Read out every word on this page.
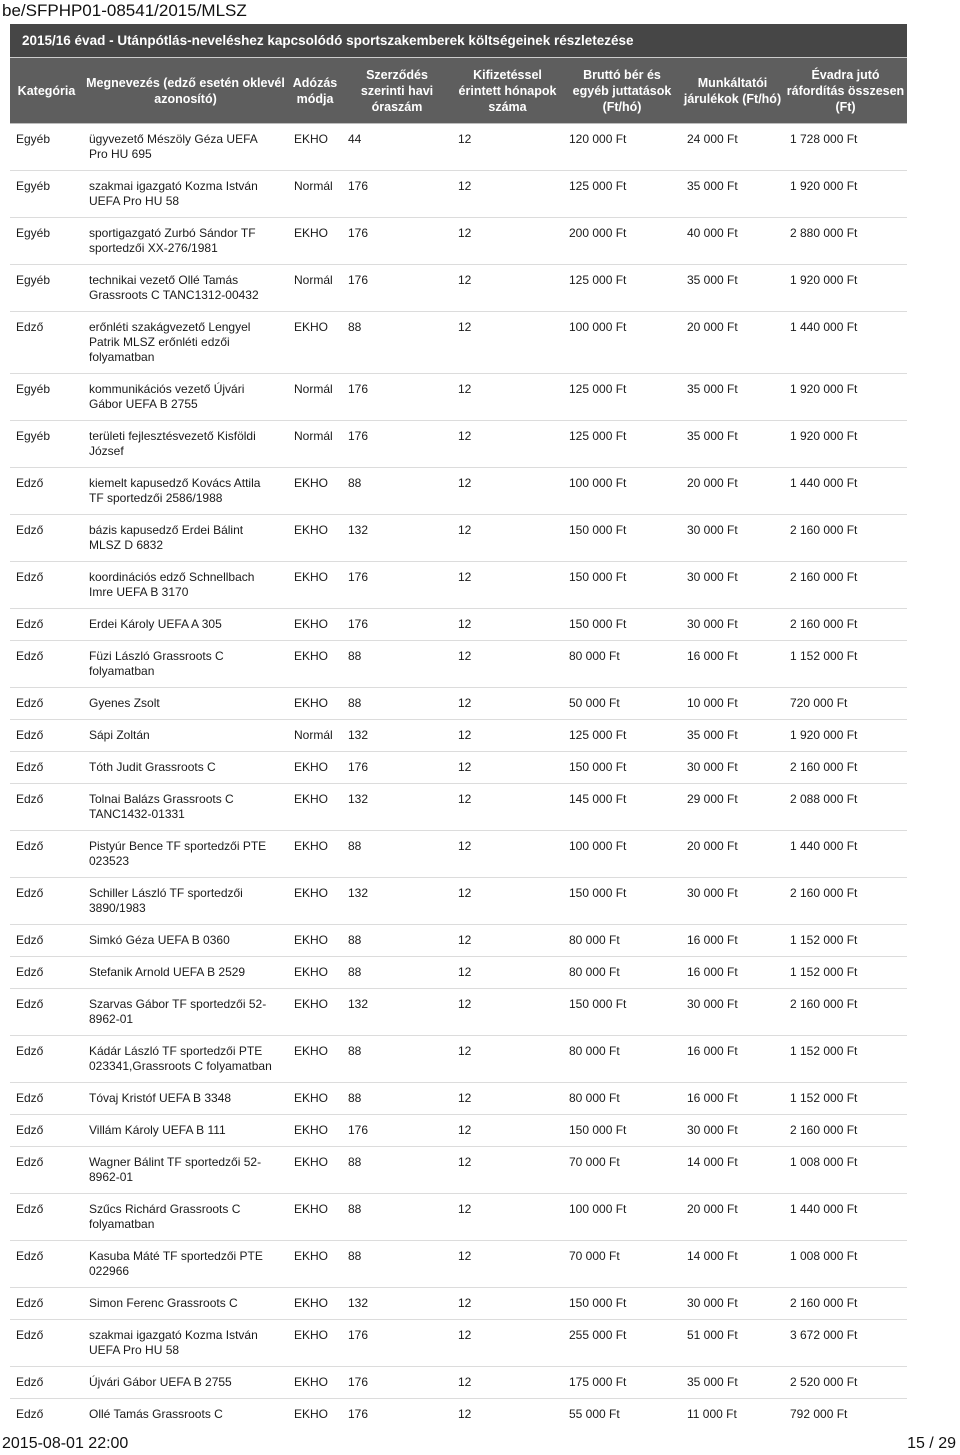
be/SFPHP01-08541/2015/MLSZ
2015/16 évad - Utánpótlás-neveléshez kapcsolódó sportszakemberek költségeinek részletezése
Kategória	Megnevezés (edző esetén oklevél azonosító)	Adózás módja	Szerződés szerinti havi óraszám	Kifizetéssel érintett hónapok száma	Bruttó bér és egyéb juttatások (Ft/hó)	Munkáltatói járulékok (Ft/hó)	Évadra jutó ráfordítás összesen (Ft)
Egyéb	ügyvezető Mészöly Géza UEFA Pro HU 695	EKHO	44	12	120 000 Ft	24 000 Ft	1 728 000 Ft
Egyéb	szakmai igazgató Kozma István UEFA Pro HU 58	Normál	176	12	125 000 Ft	35 000 Ft	1 920 000 Ft
Egyéb	sportigazgató Zurbó Sándor TF sportedzői XX-276/1981	EKHO	176	12	200 000 Ft	40 000 Ft	2 880 000 Ft
Egyéb	technikai vezető Ollé Tamás Grassroots C TANC1312-00432	Normál	176	12	125 000 Ft	35 000 Ft	1 920 000 Ft
Edző	erőnléti szakágvezető Lengyel Patrik MLSZ erőnléti edzői folyamatban	EKHO	88	12	100 000 Ft	20 000 Ft	1 440 000 Ft
Egyéb	kommunikációs vezető Újvári Gábor UEFA B 2755	Normál	176	12	125 000 Ft	35 000 Ft	1 920 000 Ft
Egyéb	területi fejlesztésvezető Kisföldi József	Normál	176	12	125 000 Ft	35 000 Ft	1 920 000 Ft
Edző	kiemelt kapusedző Kovács Attila TF sportedzői 2586/1988	EKHO	88	12	100 000 Ft	20 000 Ft	1 440 000 Ft
Edző	bázis kapusedző Erdei Bálint MLSZ D 6832	EKHO	132	12	150 000 Ft	30 000 Ft	2 160 000 Ft
Edző	koordinációs edző Schnellbach Imre UEFA B 3170	EKHO	176	12	150 000 Ft	30 000 Ft	2 160 000 Ft
Edző	Erdei Károly UEFA A 305	EKHO	176	12	150 000 Ft	30 000 Ft	2 160 000 Ft
Edző	Füzi László Grassroots C folyamatban	EKHO	88	12	80 000 Ft	16 000 Ft	1 152 000 Ft
Edző	Gyenes Zsolt	EKHO	88	12	50 000 Ft	10 000 Ft	720 000 Ft
Edző	Sápi Zoltán	Normál	132	12	125 000 Ft	35 000 Ft	1 920 000 Ft
Edző	Tóth Judit Grassroots C	EKHO	176	12	150 000 Ft	30 000 Ft	2 160 000 Ft
Edző	Tolnai Balázs Grassroots C TANC1432-01331	EKHO	132	12	145 000 Ft	29 000 Ft	2 088 000 Ft
Edző	Pistyúr Bence TF sportedzői PTE 023523	EKHO	88	12	100 000 Ft	20 000 Ft	1 440 000 Ft
Edző	Schiller László TF sportedzői 3890/1983	EKHO	132	12	150 000 Ft	30 000 Ft	2 160 000 Ft
Edző	Simkó Géza UEFA B 0360	EKHO	88	12	80 000 Ft	16 000 Ft	1 152 000 Ft
Edző	Stefanik Arnold UEFA B 2529	EKHO	88	12	80 000 Ft	16 000 Ft	1 152 000 Ft
Edző	Szarvas Gábor TF sportedzői 52-8962-01	EKHO	132	12	150 000 Ft	30 000 Ft	2 160 000 Ft
Edző	Kádár László TF sportedzői PTE 023341,Grassroots C folyamatban	EKHO	88	12	80 000 Ft	16 000 Ft	1 152 000 Ft
Edző	Tóvaj Kristóf UEFA B 3348	EKHO	88	12	80 000 Ft	16 000 Ft	1 152 000 Ft
Edző	Villám Károly UEFA B 111	EKHO	176	12	150 000 Ft	30 000 Ft	2 160 000 Ft
Edző	Wagner Bálint TF sportedzői 52-8962-01	EKHO	88	12	70 000 Ft	14 000 Ft	1 008 000 Ft
Edző	Szűcs Richárd Grassroots C folyamatban	EKHO	88	12	100 000 Ft	20 000 Ft	1 440 000 Ft
Edző	Kasuba Máté TF sportedzői PTE 022966	EKHO	88	12	70 000 Ft	14 000 Ft	1 008 000 Ft
Edző	Simon Ferenc Grassroots C	EKHO	132	12	150 000 Ft	30 000 Ft	2 160 000 Ft
Edző	szakmai igazgató Kozma István UEFA Pro HU 58	EKHO	176	12	255 000 Ft	51 000 Ft	3 672 000 Ft
Edző	Újvári Gábor UEFA B 2755	EKHO	176	12	175 000 Ft	35 000 Ft	2 520 000 Ft
Edző	Ollé Tamás Grassroots C	EKHO	176	12	55 000 Ft	11 000 Ft	792 000 Ft
2015-08-01 22:00	15 / 29
